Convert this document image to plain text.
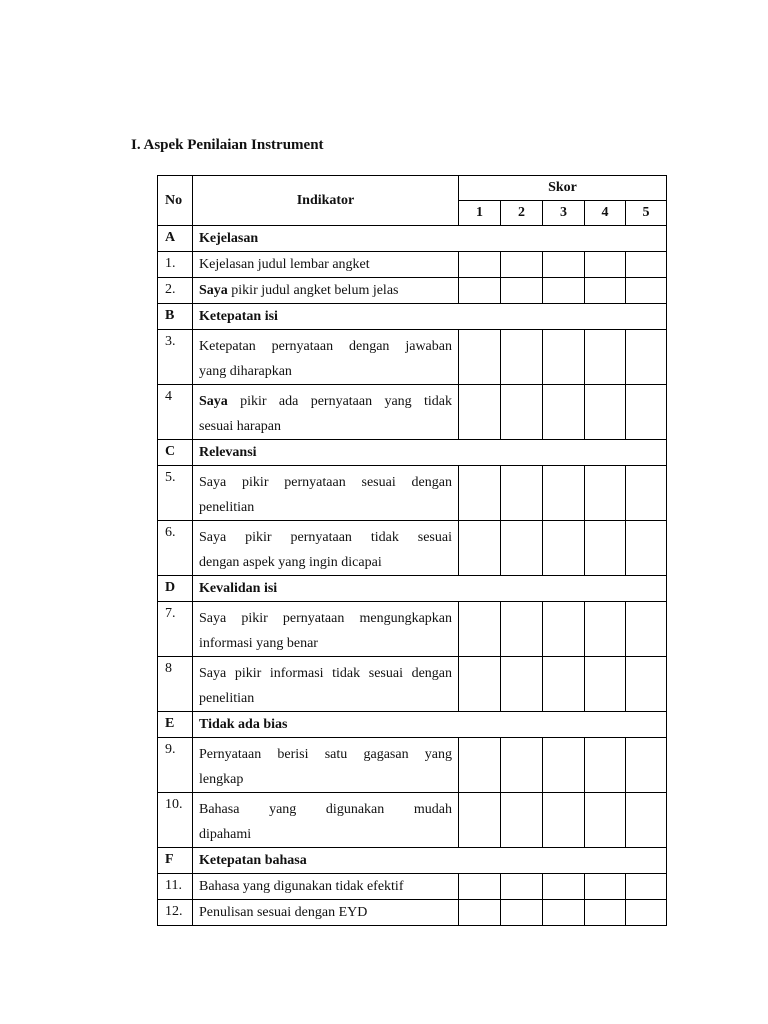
I. Aspek Penilaian Instrument
No	Indikator	Skor				
		1	2	3	4	5
A	Kejelasan					
1.	Kejelasan judul lembar angket					

2.	Saya pikir judul angket belum jelas					

B	Ketepatan isi					
3.	Ketepatan pernyataan dengan jawaban
yang diharapkan					

4	Saya pikir ada pernyataan yang tidak
sesuai harapan					

C	Relevansi					
5.	Saya pikir pernyataan sesuai dengan
penelitian					

6.	Saya pikir pernyataan tidak sesuai
dengan aspek yang ingin dicapai					

D	Kevalidan isi					
7.	Saya pikir pernyataan mengungkapkan
informasi yang benar					

8	Saya pikir informasi tidak sesuai dengan
penelitian					

E	Tidak ada bias					
9.	Pernyataan berisi satu gagasan yang
lengkap					

10.	Bahasa yang digunakan mudah
dipahami					

F	Ketepatan bahasa					
11.	Bahasa yang digunakan tidak efektif					

12.	Penulisan sesuai dengan EYD					
